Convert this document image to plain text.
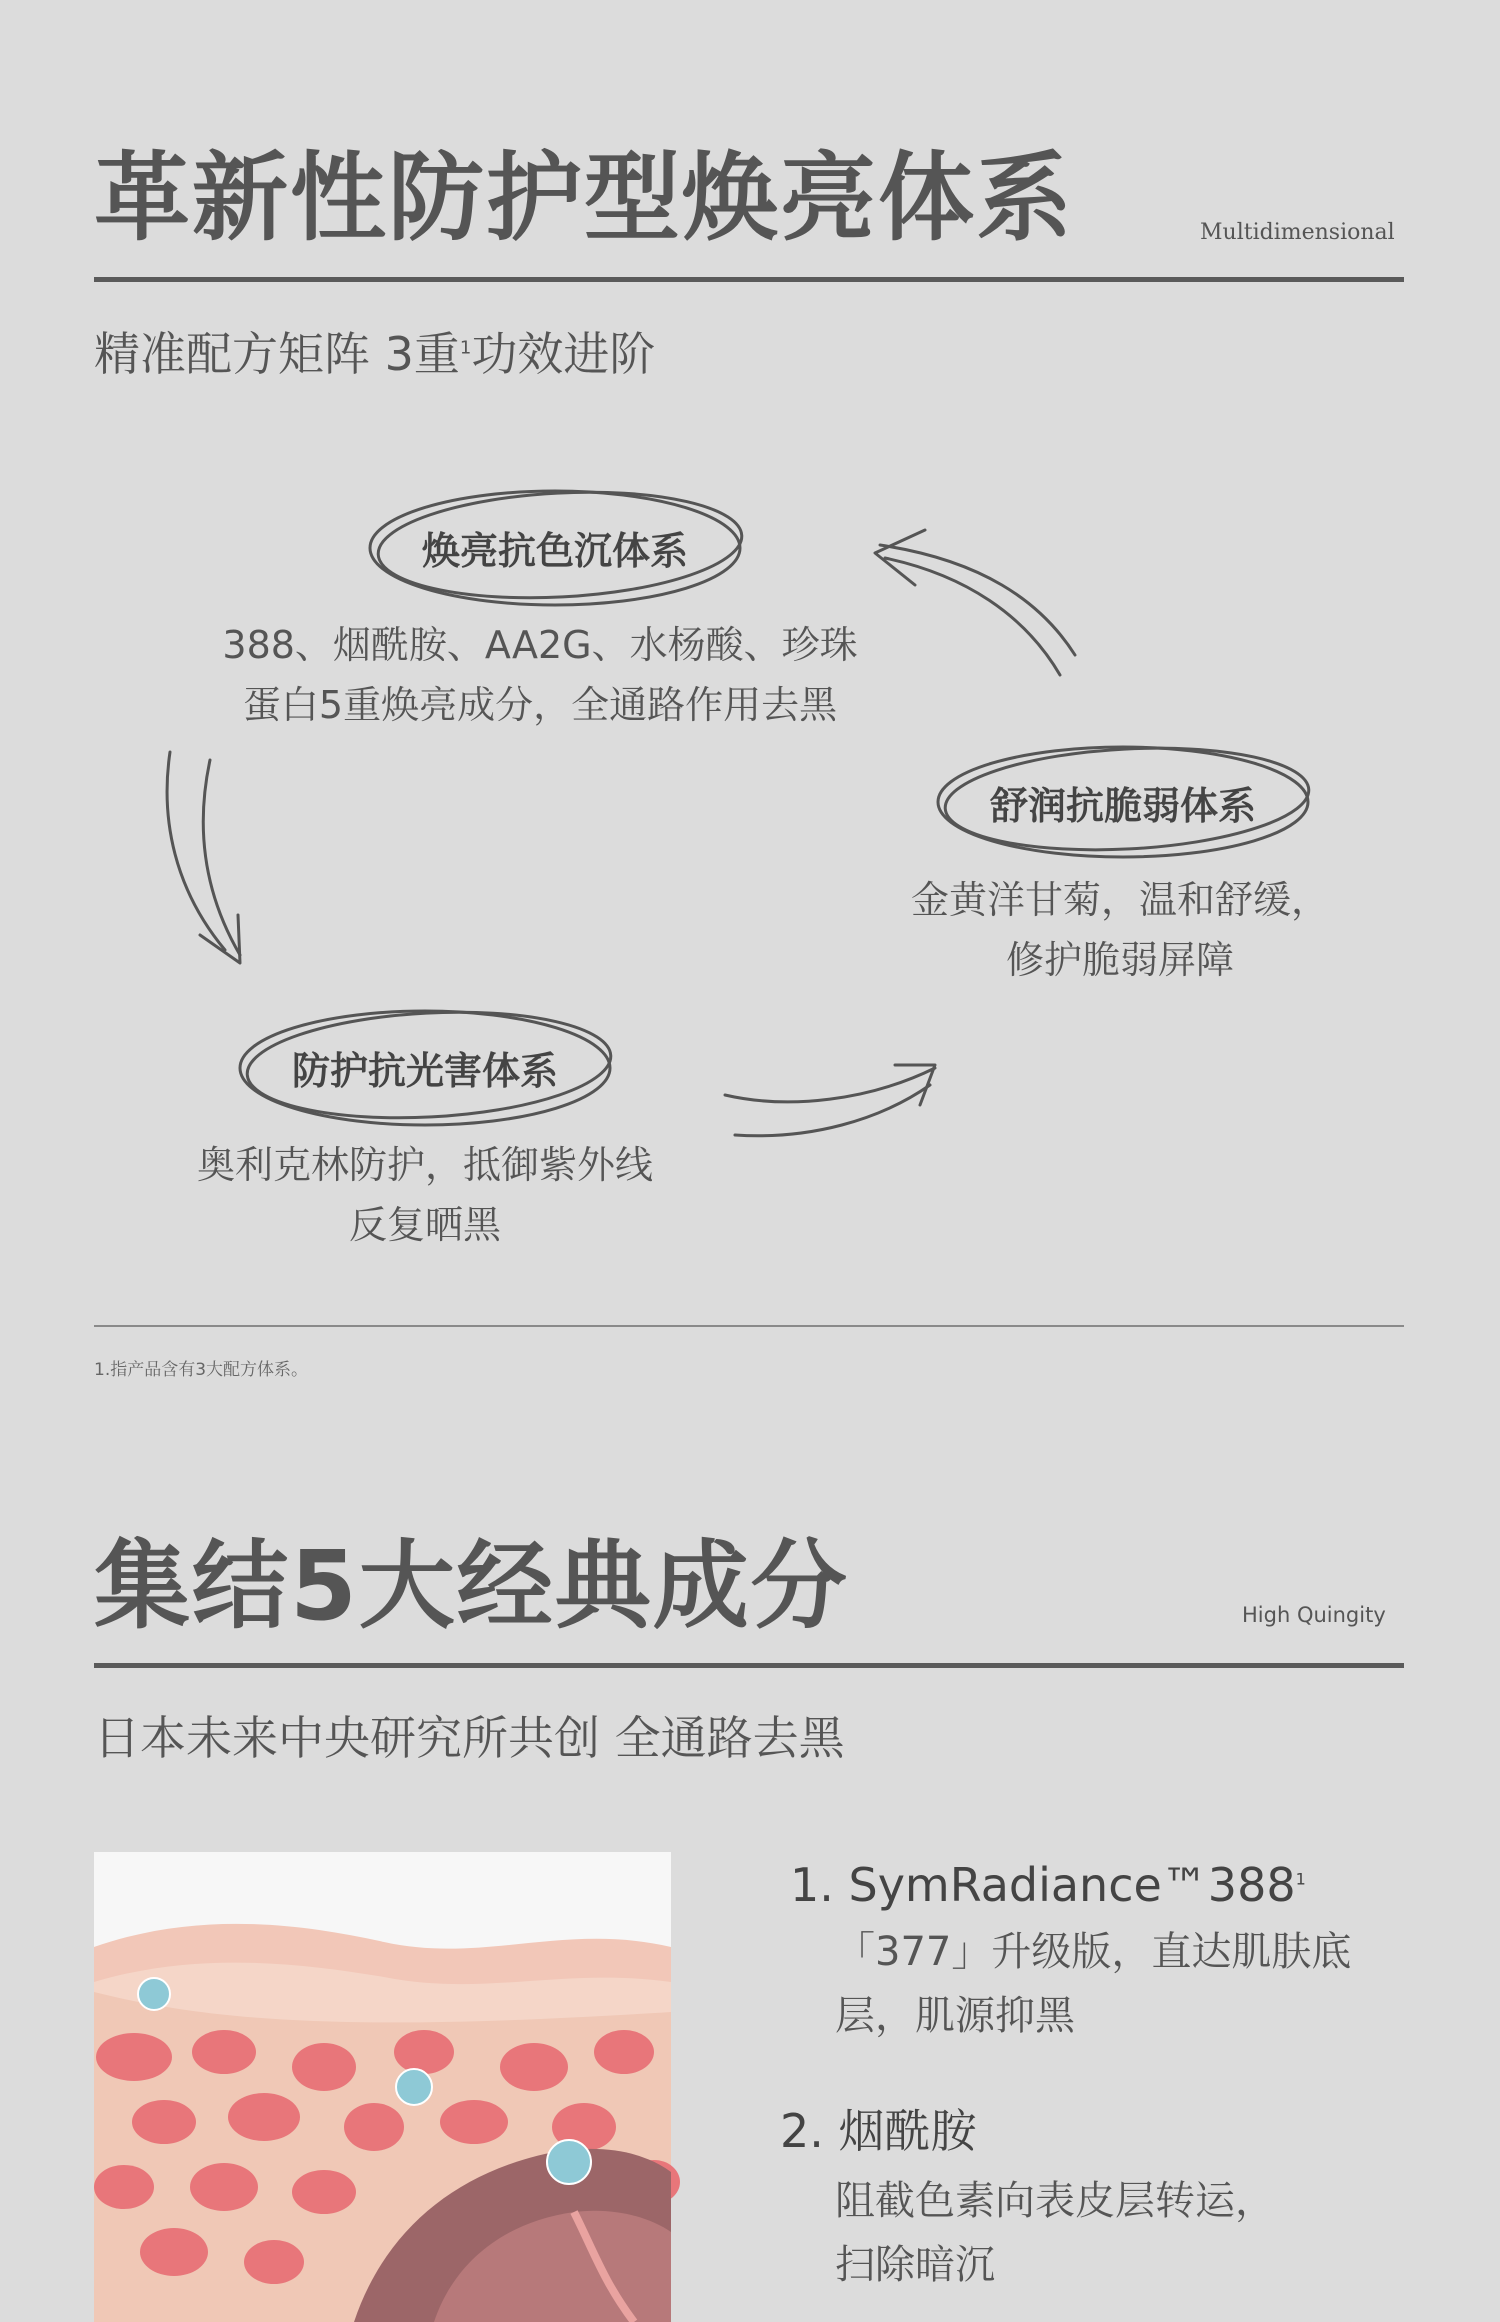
革新性防护型焕亮体系	Multidimensional
精准配方矩阵 3重$^1$功效进阶
焕亮抗色沉体系
388、烟酰胺、AA2G、水杨酸、珍珠
蛋白5重焕亮成分，全通路作用去黑
舒润抗脆弱体系
金黄洋甘菊，温和舒缓，
修护脆弱屏障
防护抗光害体系
奥利克林防护，抵御紫外线
反复晒黑
1.指产品含有3大配方体系。
集结5大经典成分	High Quingity
日本未来中央研究所共创 全通路去黑
1. $SymRadiance™388^1$
「377」升级版，直达肌肤底
层，肌源抑黑
2. 烟酰胺
阻截色素向表皮层转运，
扫除暗沉
